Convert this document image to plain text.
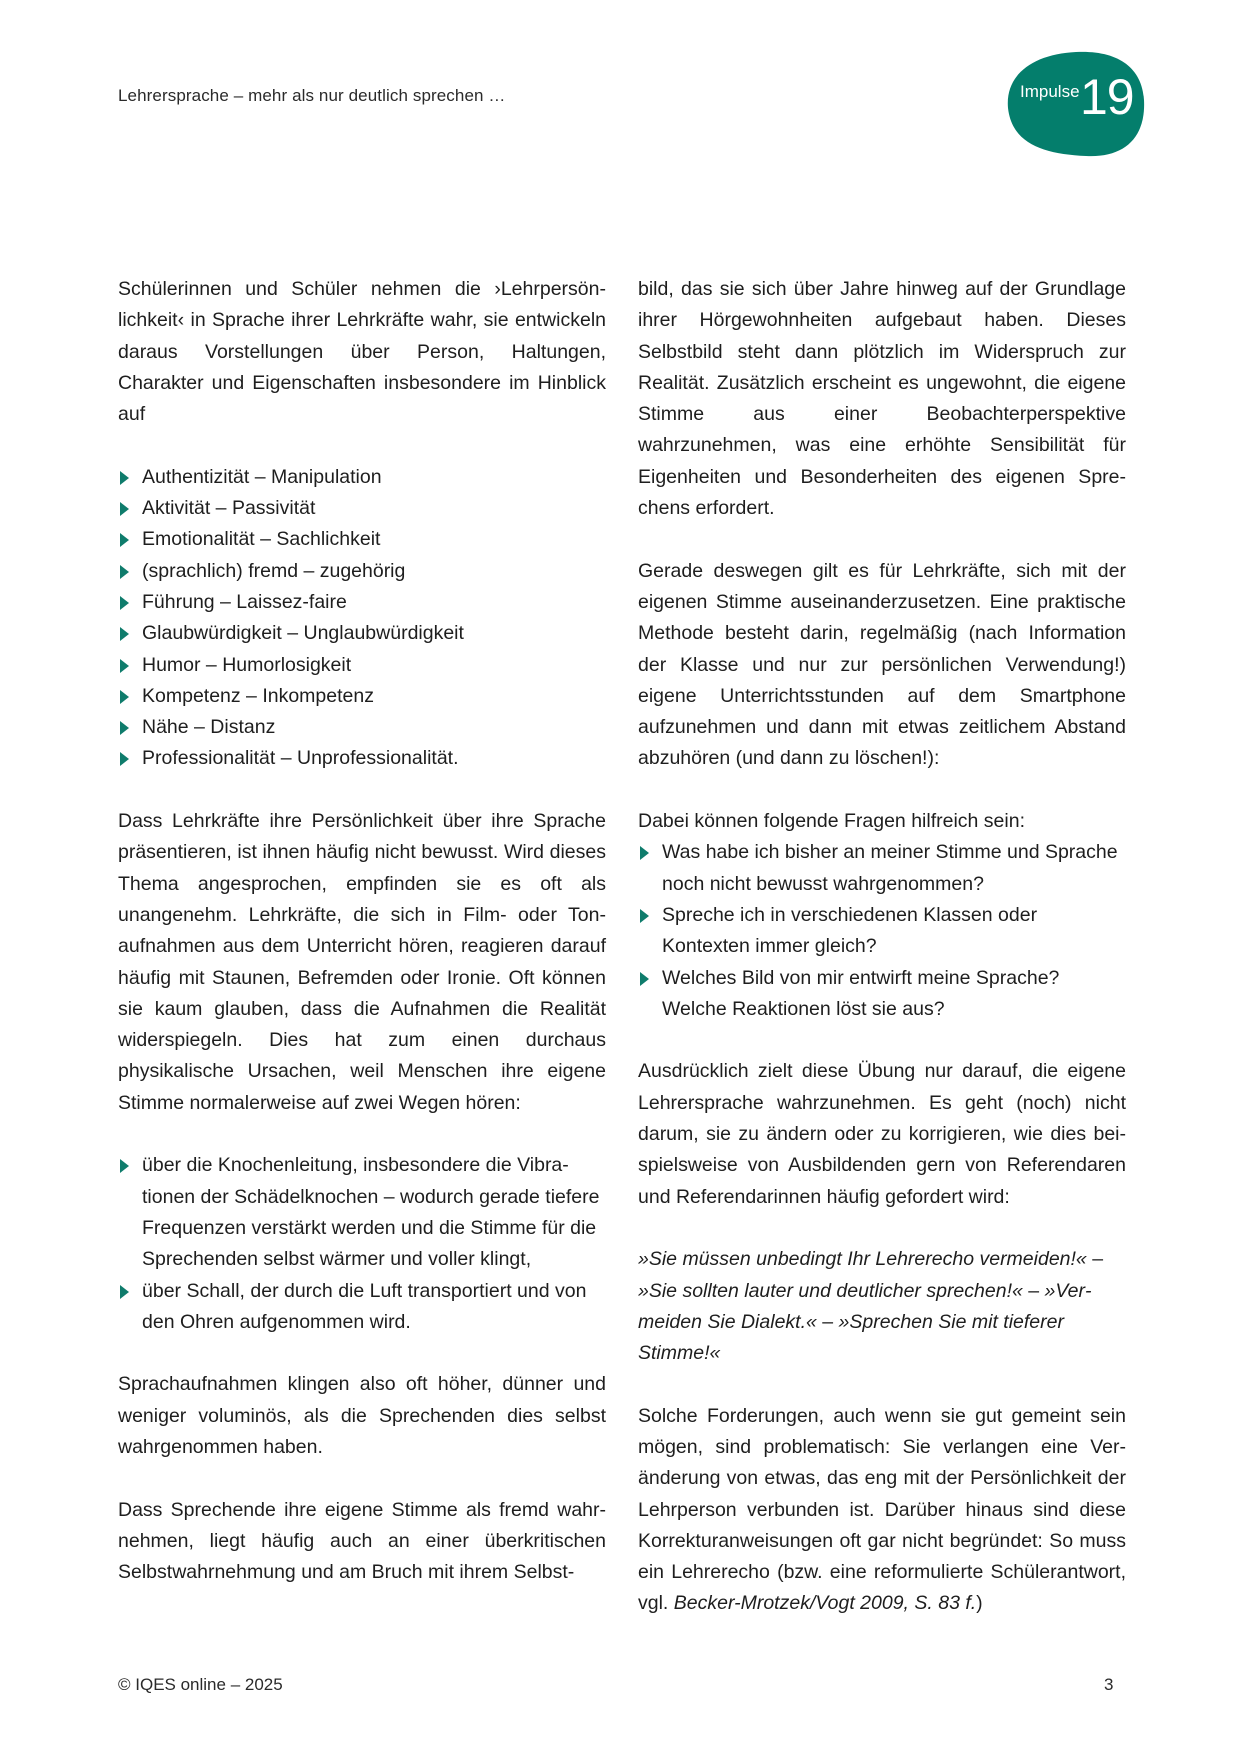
Lehrersprache – mehr als nur deutlich sprechen …	Impulse 19

Schülerinnen und Schüler nehmen die ›Lehrpersönlichkeit‹ in Sprache ihrer Lehrkräfte wahr, sie entwickeln daraus Vorstellungen über Person, Haltungen, Charakter und Eigenschaften insbesondere im Hinblick auf

Authentizität – Manipulation
Aktivität – Passivität
Emotionalität – Sachlichkeit
(sprachlich) fremd – zugehörig
Führung – Laissez-faire
Glaubwürdigkeit – Unglaubwürdigkeit
Humor – Humorlosigkeit
Kompetenz – Inkompetenz
Nähe – Distanz
Professionalität – Unprofessionalität.

Dass Lehrkräfte ihre Persönlichkeit über ihre Sprache präsentieren, ist ihnen häufig nicht bewusst. Wird dieses Thema angesprochen, empfinden sie es oft als unangenehm. Lehrkräfte, die sich in Film- oder Tonaufnahmen aus dem Unterricht hören, reagieren darauf häufig mit Staunen, Befremden oder Ironie. Oft können sie kaum glauben, dass die Aufnahmen die Realität widerspiegeln. Dies hat zum einen durchaus physikalische Ursachen, weil Menschen ihre eigene Stimme normalerweise auf zwei Wegen hören:

über die Knochenleitung, insbesondere die Vibrationen der Schädelknochen – wodurch gerade tiefere Frequenzen verstärkt werden und die Stimme für die Sprechenden selbst wärmer und voller klingt,
über Schall, der durch die Luft transportiert und von den Ohren aufgenommen wird.

Sprachaufnahmen klingen also oft höher, dünner und weniger voluminös, als die Sprechenden dies selbst wahrgenommen haben.

Dass Sprechende ihre eigene Stimme als fremd wahrnehmen, liegt häufig auch an einer überkritischen Selbstwahrnehmung und am Bruch mit ihrem Selbst-

bild, das sie sich über Jahre hinweg auf der Grundlage ihrer Hörgewohnheiten aufgebaut haben. Dieses Selbstbild steht dann plötzlich im Widerspruch zur Realität. Zusätzlich erscheint es ungewohnt, die eigene Stimme aus einer Beobachterperspektive wahrzunehmen, was eine erhöhte Sensibilität für Eigenheiten und Besonderheiten des eigenen Sprechens erfordert.

Gerade deswegen gilt es für Lehrkräfte, sich mit der eigenen Stimme auseinanderzusetzen. Eine praktische Methode besteht darin, regelmäßig (nach Information der Klasse und nur zur persönlichen Verwendung!) eigene Unterrichtsstunden auf dem Smartphone aufzunehmen und dann mit etwas zeitlichem Abstand abzuhören (und dann zu löschen!):

Dabei können folgende Fragen hilfreich sein:

Was habe ich bisher an meiner Stimme und Sprache noch nicht bewusst wahrgenommen?
Spreche ich in verschiedenen Klassen oder Kontexten immer gleich?
Welches Bild von mir entwirft meine Sprache? Welche Reaktionen löst sie aus?

Ausdrücklich zielt diese Übung nur darauf, die eigene Lehrersprache wahrzunehmen. Es geht (noch) nicht darum, sie zu ändern oder zu korrigieren, wie dies beispielsweise von Ausbildenden gern von Referendaren und Referendarinnen häufig gefordert wird:

»Sie müssen unbedingt Ihr Lehrerecho vermeiden!« – »Sie sollten lauter und deutlicher sprechen!« – »Vermeiden Sie Dialekt.« – »Sprechen Sie mit tieferer Stimme!«

Solche Forderungen, auch wenn sie gut gemeint sein mögen, sind problematisch: Sie verlangen eine Veränderung von etwas, das eng mit der Persönlichkeit der Lehrperson verbunden ist. Darüber hinaus sind diese Korrekturanweisungen oft gar nicht begründet: So muss ein Lehrerecho (bzw. eine reformulierte Schülerantwort, vgl. Becker-Mrotzek/Vogt 2009, S. 83 f.)

© IQES online – 2025	3
